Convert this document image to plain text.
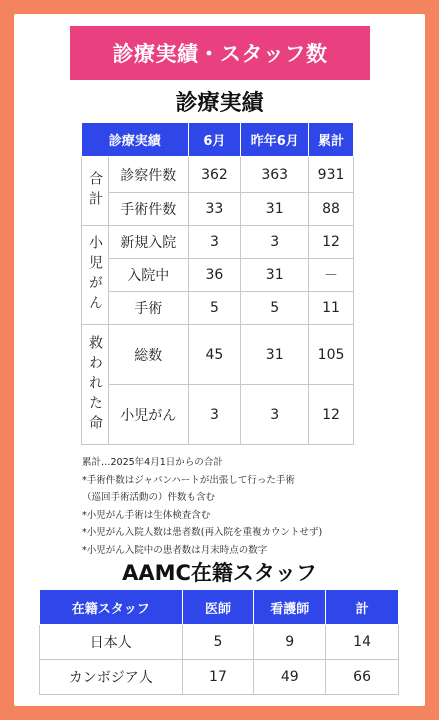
診療実績・スタッフ数
診療実績
診療実績		6月	昨年6月	累計

合計	診察件数	362	363	931
	手術件数	33	31	88

小児がん	新規入院	3	3	12
	入院中	36	31	－
	手術	5	5	11

救われた命	総数	45	31	105
	小児がん	3	3	12
累計…2025年4月1日からの合計
*手術件数はジャパンハートが出張して行った手術
（巡回手術活動の）件数も含む
*小児がん手術は生体検査含む
*小児がん入院人数は患者数(再入院を重複カウントせず)
*小児がん入院中の患者数は月末時点の数字
AAMC在籍スタッフ
在籍スタッフ	医師	看護師	計
日本人	5	9	14
カンボジア人	17	49	66
